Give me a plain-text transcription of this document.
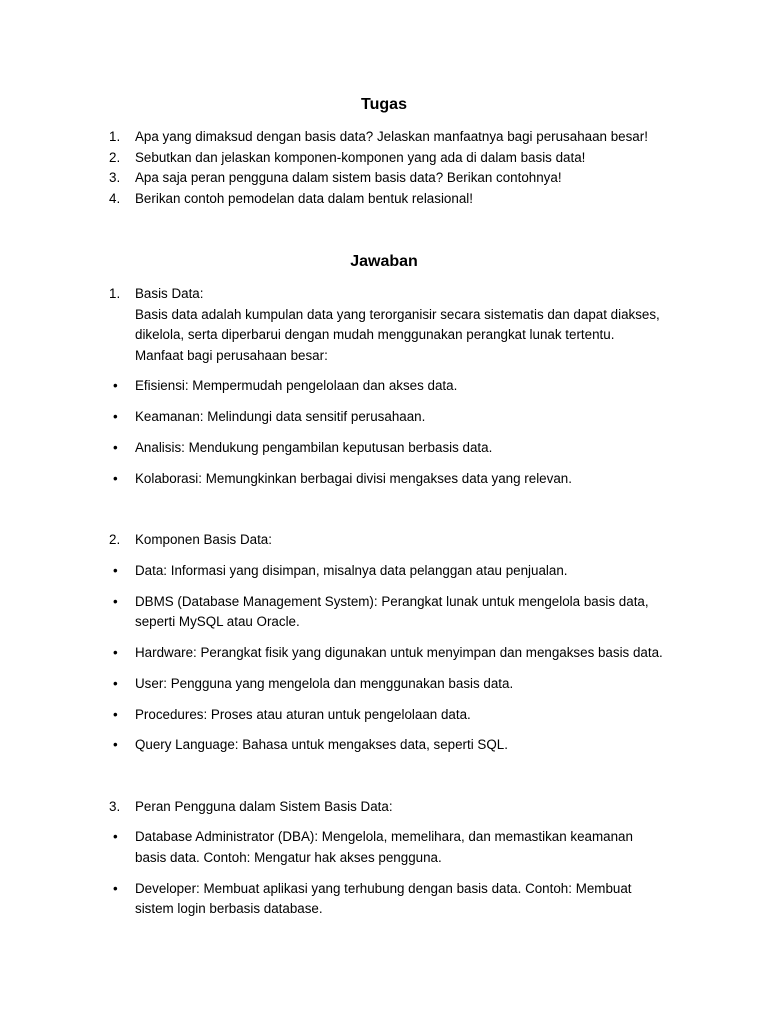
Tugas
1.	Apa yang dimaksud dengan basis data? Jelaskan manfaatnya bagi perusahaan besar!
2.	Sebutkan dan jelaskan komponen-komponen yang ada di dalam basis data!
3.	Apa saja peran pengguna dalam sistem basis data? Berikan contohnya!
4.	Berikan contoh pemodelan data dalam bentuk relasional!
Jawaban
1.	Basis Data:
Basis data adalah kumpulan data yang terorganisir secara sistematis dan dapat diakses,
dikelola, serta diperbarui dengan mudah menggunakan perangkat lunak tertentu.
Manfaat bagi perusahaan besar:
•
Efisiensi: Mempermudah pengelolaan dan akses data.
•
Keamanan: Melindungi data sensitif perusahaan.
•
Analisis: Mendukung pengambilan keputusan berbasis data.
•
Kolaborasi: Memungkinkan berbagai divisi mengakses data yang relevan.
2.	Komponen Basis Data:
•
Data: Informasi yang disimpan, misalnya data pelanggan atau penjualan.
•
DBMS (Database Management System): Perangkat lunak untuk mengelola basis data,
seperti MySQL atau Oracle.
•
Hardware: Perangkat fisik yang digunakan untuk menyimpan dan mengakses basis data.
•
User: Pengguna yang mengelola dan menggunakan basis data.
•
Procedures: Proses atau aturan untuk pengelolaan data.
•
Query Language: Bahasa untuk mengakses data, seperti SQL.
3.	Peran Pengguna dalam Sistem Basis Data:
•
Database Administrator (DBA): Mengelola, memelihara, dan memastikan keamanan
basis data. Contoh: Mengatur hak akses pengguna.
•
Developer: Membuat aplikasi yang terhubung dengan basis data. Contoh: Membuat
sistem login berbasis database.
